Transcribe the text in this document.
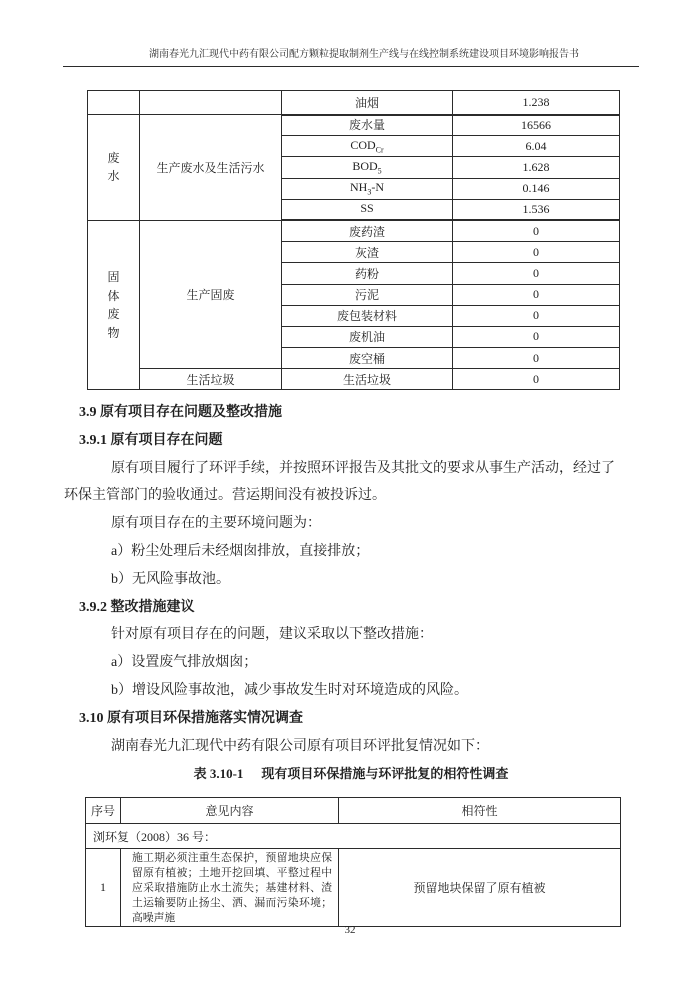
湖南春光九汇现代中药有限公司配方颗粒提取制剂生产线与在线控制系统建设项目环境影响报告书
		油烟	1.238

废水	生产废水及生活污水	废水量	16566
		$COD_{Cr}$	6.04
		$BOD_5$	1.628
		$NH_3-N$	0.146
		SS	1.536

固体废物	生产固废	废药渣	0
		灰渣	0
		药粉	0
		污泥	0
		废包装材料	0
		废机油	0
		废空桶	0
	生活垃圾	生活垃圾	0

3.9 原有项目存在问题及整改措施

3.9.1 原有项目存在问题

原有项目履行了环评手续，并按照环评报告及其批文的要求从事生产活动，经过了

环保主管部门的验收通过。营运期间没有被投诉过。

原有项目存在的主要环境问题为：

a）粉尘处理后未经烟囱排放，直接排放；

b）无风险事故池。

3.9.2 整改措施建议

针对原有项目存在的问题，建议采取以下整改措施：

a）设置废气排放烟囱；

b）增设风险事故池，减少事故发生时对环境造成的风险。

3.10 原有项目环保措施落实情况调查

湖南春光九汇现代中药有限公司原有项目环评批复情况如下：

表 3.10-1 现有项目环保措施与环评批复的相符性调查
序号	意见内容	相符性
浏环复（2008）36 号：		
1	施工期必须注重生态保护，预留地块应保留原有植被；土地开挖回填、平整过程中应采取措施防止水土流失；基建材料、渣土运输要防止扬尘、洒、漏而污染环境；高噪声施	预留地块保留了原有植被
32
